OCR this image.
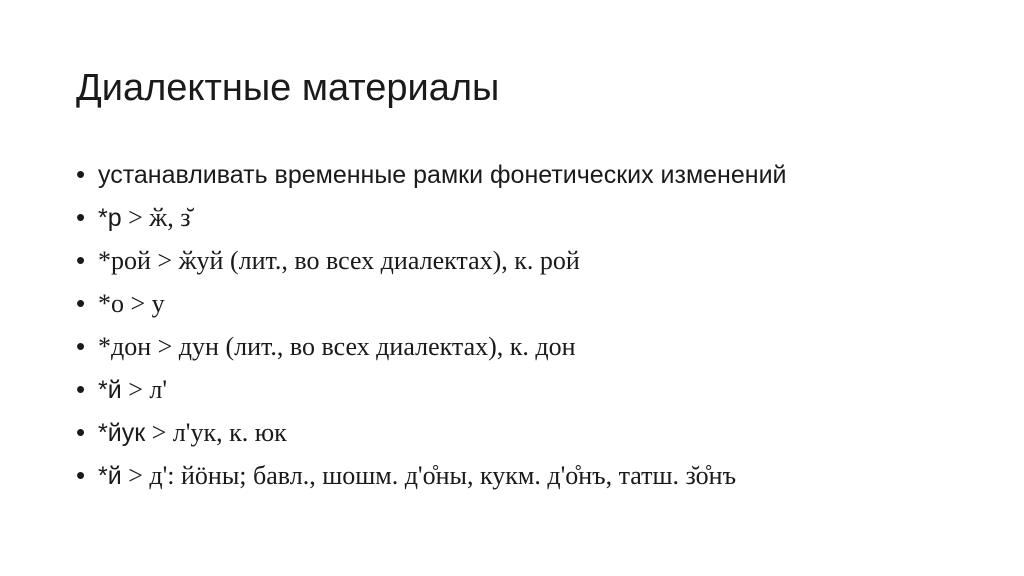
Диалектные материалы
• устанавливать временные рамки фонетических изменений
• *р > ӂ, з̆
• *рой > ӂуй (лит., во всех диалектах), к. рой
• *о > у
• *дон > дун (лит., во всех диалектах), к. дон
• *й > л'
• *йук > л'ук, к. юк
• *й > д': йӧны; бавл., шошм. д'о̊ны, кукм. д'о̊нъ, татш. з̆о̊нъ
